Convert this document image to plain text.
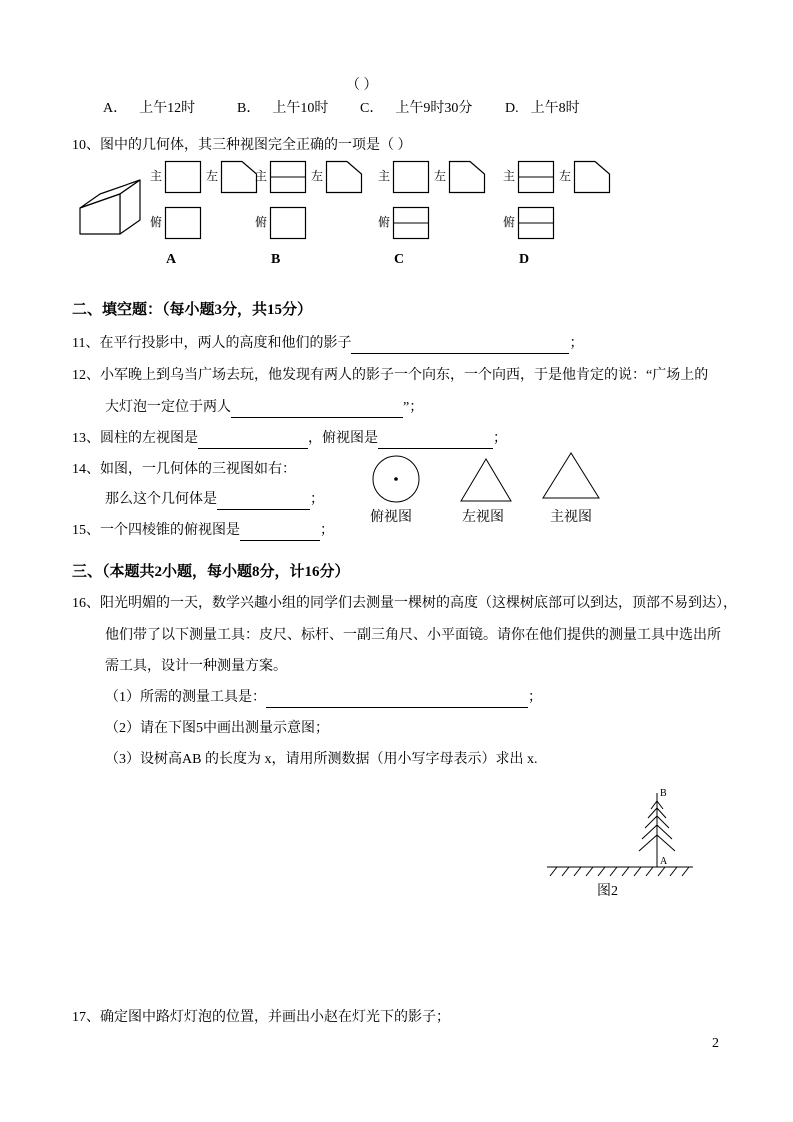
（ ）
A． 上午12时	B． 上午10时 C． 上午9时30分 D. 上午8时
10、图中的几何体，其三种视图完全正确的一项是（ ）
主	左
俯
A
主	左
俯
B
主	左
俯
C
主	左
俯
D
二、填空题：（每小题3分，共15分）
11、在平行投影中，两人的高度和他们的影子	；
12、小军晚上到乌当广场去玩，他发现有两人的影子一个向东，一个向西，于是他肯定的说：“广场上的
大灯泡一定位于两人	”；
13、圆柱的左视图是	，俯视图是	；
14、如图，一几何体的三视图如右：
那么这个几何体是	；
俯视图	左视图	主视图
15、一个四棱锥的俯视图是	；
三、（本题共2小题，每小题8分，计16分）
16、阳光明媚的一天，数学兴趣小组的同学们去测量一棵树的高度（这棵树底部可以到达，顶部不易到达），
他们带了以下测量工具：皮尺、标杆、一副三角尺、小平面镜。请你在他们提供的测量工具中选出所
需工具，设计一种测量方案。
（1）所需的测量工具是：	；
（2）请在下图5中画出测量示意图；
（3）设树高AB 的长度为 x，请用所测数据（用小写字母表示）求出 x.
B
A
图2
17、确定图中路灯灯泡的位置，并画出小赵在灯光下的影子；
2
